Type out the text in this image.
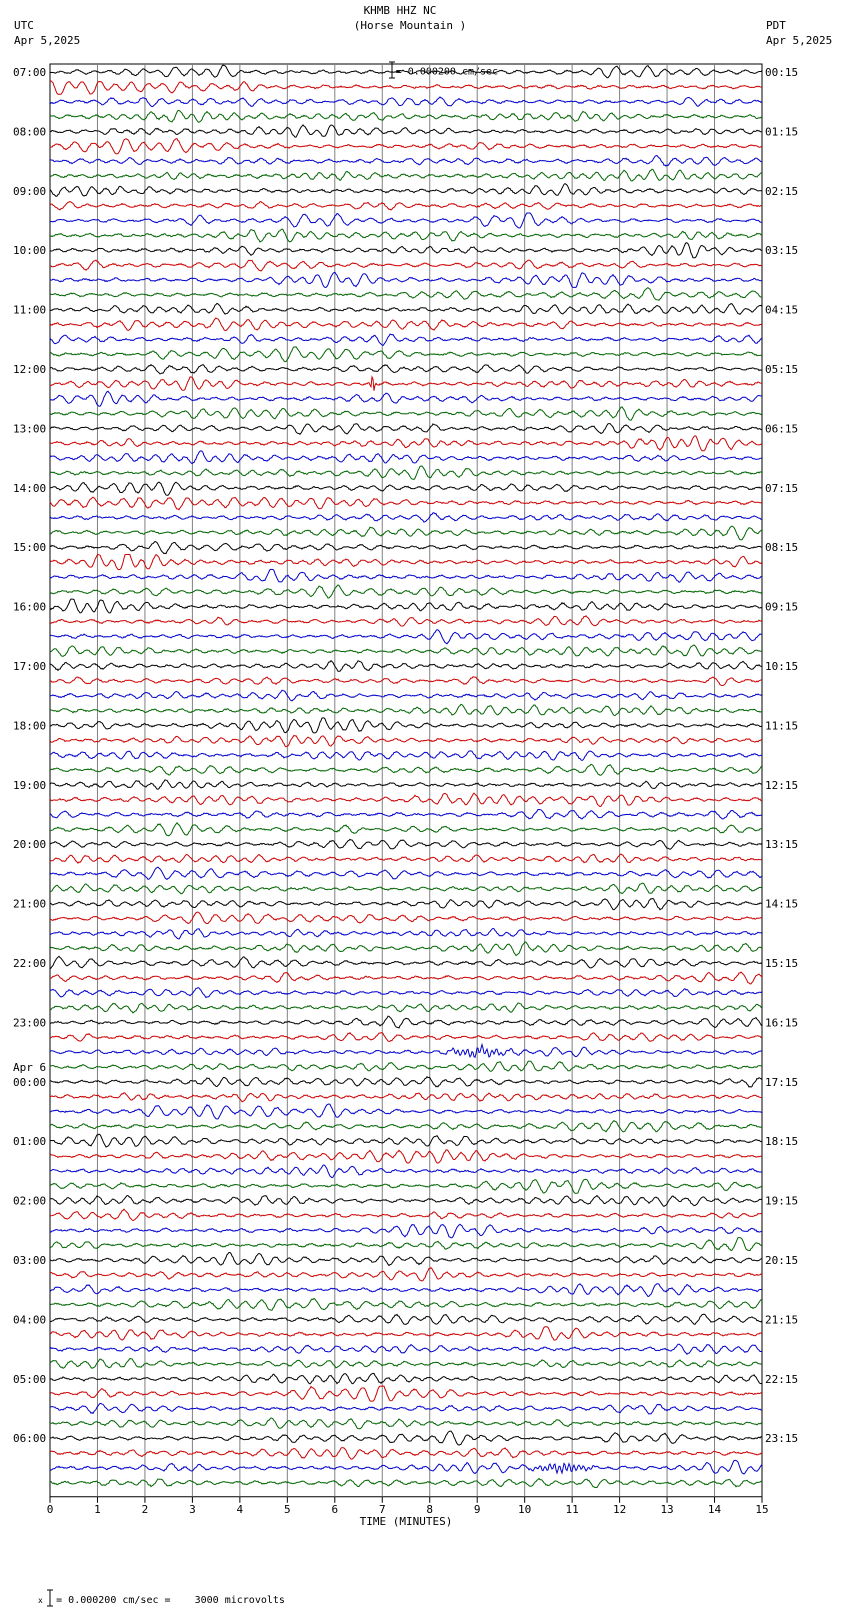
KHMB HHZ NC
(Horse Mountain )

= 0.000200 cm/sec

UTC
Apr 5,2025
PDT
Apr 5,2025
07:00
08:00
09:00
10:00
11:00
12:00
13:00
14:00
15:00
16:00
17:00
18:00
19:00
20:00
21:00
22:00
23:00
00:00
01:00
02:00
03:00
04:00
05:00
06:00
00:15
01:15
02:15
03:15
04:15
05:15
06:15
07:15
08:15
09:15
10:15
11:15
12:15
13:15
14:15
15:15
16:15
17:15
18:15
19:15
20:15
21:15
22:15
23:15
Apr 6
0	1	2	3	4	5	6	7	8	9	10	11	12	13	14	15
TIME (MINUTES)

x = 0.000200 cm/sec =    3000 microvolts
